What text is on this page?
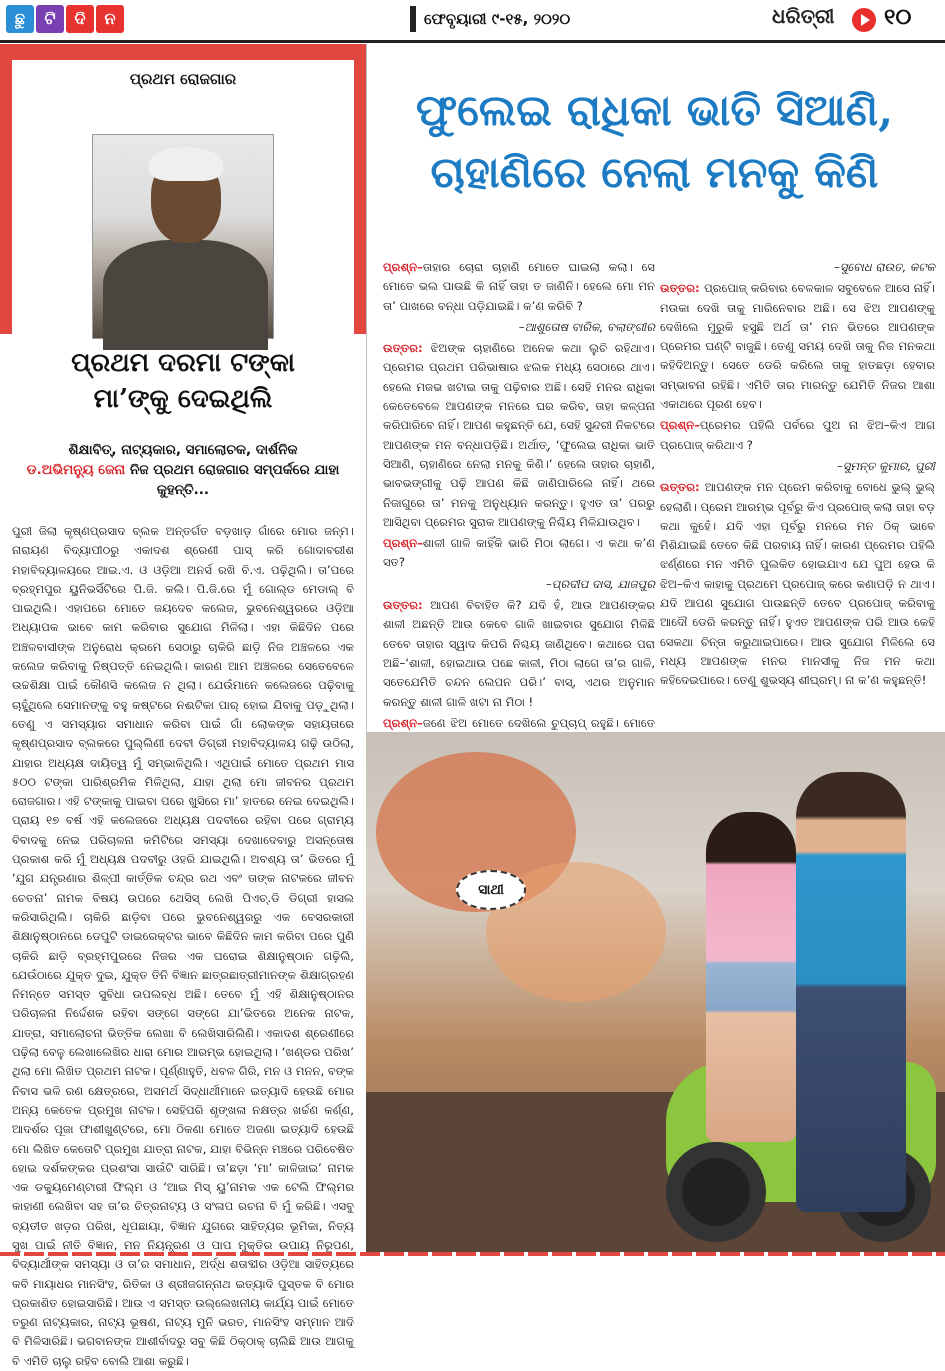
ଛୁ	ଟି	ଦି	ନ	ଫେବୃୟାରୀ ୯-୧୫, ୨୦୨୦	ଧରିତ୍ରୀ ୧୦
ପ୍ରଥମ ରୋଜଗାର
ପ୍ରଥମ ଦରମା ଟଙ୍କା
ମା’ଙ୍କୁ ଦେଇଥିଲି
ଶିକ୍ଷାବିତ୍, ନାଟ୍ୟକାର, ସମାଲୋଚକ, ଦାର୍ଶନିକ
ଡ.ଅଭିମନ୍ୟୁ ଜେନା ନିଜ ପ୍ରଥମ ରୋଜଗାର ସମ୍ପର୍କରେ ଯାହା କୁହନ୍ତି...
ପୁରୀ ଜିଲା କୃଷ୍ଣପ୍ରସାଦ ବ୍ଲକ ଅନ୍ତର୍ଗତ ବଡ଼ଖାଡ଼ ଗାଁରେ ମୋର ଜନ୍ମ। ନାରାୟଣ ବିଦ୍ୟାପୀଠରୁ ଏକାଦଶ ଶ୍ରେଣୀ ପାସ୍ କରି ଗୋଦାବରୀଶ ମହାବିଦ୍ୟାଳୟରେ ଆଇ.ଏ. ଓ ଓଡ଼ିଆ ଅନର୍ସ ରଖି ବି.ଏ. ପଢ଼ିଥିଲି। ତା’ପରେ ବ୍ରହ୍ମପୁର ୟୁନିଭର୍ସିଟିରେ ପି.ଜି. କଲି। ପି.ଜି.ରେ ମୁଁ ଗୋଲ୍ଡ ମେଡାଲ୍ ବି ପାଇଥିଲି। ଏହାପରେ ମୋତେ ଜୟଦେବ କଲେଜ, ଭୁବନେଶ୍ୱରରେ ଓଡ଼ିଆ ଅଧ୍ୟାପକ ଭାବେ କାମ କରିବାର ସୁଯୋଗ ମିଳିଲା। ଏହା କିଛିଦିନ ପରେ ଅଞ୍ଚଳବାସୀଙ୍କ ଅନୁରୋଧ କ୍ରମେ ସେଠାରୁ ଚାକିରି ଛାଡ଼ି ନିଜ ଅଞ୍ଚଳରେ ଏକ କଲେଜ କରିବାକୁ ନିଷ୍ପତ୍ତି ନେଇଥିଲି। କାରଣ ଆମ ଅଞ୍ଚଳରେ ସେତେବେଳେ ଉଚ୍ଚଶିକ୍ଷା ପାଇଁ କୌଣସି କଲେଜ ନ ଥିଲା। ଯେଉଁମାନେ କଲେଜରେ ପଢ଼ିବାକୁ ଚାହୁଁଥିଲେ ସେମାନଙ୍କୁ ବହୁ କଷ୍ଟରେ ନଈଟିକା ପାର୍ ହୋଇ ଯିବାକୁ ପଡ଼ୁଥିଲା। ତେଣୁ ଏ ସମସ୍ୟାର ସମାଧାନ କରିବା ପାଇଁ ଗାଁ ଲୋକଙ୍କ ସହାୟତାରେ କୃଷ୍ଣପ୍ରସାଦ ବ୍ଲକରେ ପୁଲ୍ଲିଣୀ ଦେବୀ ଡିଗ୍ରୀ ମହାବିଦ୍ୟାଳୟ ଗଢ଼ି ଉଠିଲା, ଯାହାର ଅଧ୍ୟକ୍ଷ ଦାୟିତ୍ୱ ମୁଁ ସମ୍ଭାଳିଥିଲି। ଏଥିପାଇଁ ମୋତେ ପ୍ରଥମ ମାସ ୫୦୦ ଟଙ୍କା ପାରିଶ୍ରମିକ ମିଳିଥିଲା, ଯାହା ଥିଲା ମୋ ଜୀବନର ପ୍ରଥମ ରୋଜଗାର। ଏହି ଟଙ୍କାକୁ ପାଇବା ପରେ ଖୁସିରେ ମା’ ହାତରେ ନେଇ ଦେଇଥିଲି। ପ୍ରାୟ ୧୭ ବର୍ଷ ଏହି କଲେଜରେ ଅଧ୍ୟକ୍ଷ ପଦବୀରେ ରହିବା ପରେ ଗ୍ରାମ୍ୟ ବିବାଦକୁ ନେଇ ପରିଚାଳନା କମିଟିରେ ସମସ୍ୟା ଦେଖାଦେବାରୁ ଅସନ୍ତୋଷ ପ୍ରକାଶ କରି ମୁଁ ଅଧ୍ୟକ୍ଷ ପଦବୀରୁ ଓହରି ଯାଇଥିଲି। ଅବଶ୍ୟ ତା’ ଭିତରେ ମୁଁ ‘ଯୁଗ ଯନ୍ତ୍ରଣାର ଶିଳ୍ପୀ କାର୍ତ୍ତିକ ଚନ୍ଦ୍ର ରଥ ଏବଂ ତାଙ୍କ ନାଟକରେ ଜୀବନ ଚେତନା’ ନାମକ ବିଷୟ ଉପରେ ଥେସିସ୍ ଲେଖି ପିଏଚ୍.ଡି ଡିଗ୍ରୀ ହାସଲ କରିସାରିଥିଲି। ଚାକିରି ଛାଡ଼ିବା ପରେ ଭୁବନେଶ୍ୱରରୁ ଏକ ବେସରକାରୀ ଶିକ୍ଷାନୁଷ୍ଠାନରେ ଡେପୁଟି ଡାଇରେକ୍ଟର ଭାବେ କିଛିଦିନ କାମ କରିବା ପରେ ପୁଣି ଚାକିରି ଛାଡ଼ି ବ୍ରହ୍ମପୁରରେ ନିଜର ଏକ ଘରୋଇ ଶିକ୍ଷାନୁଷ୍ଠାନ ଗଢ଼ିଲି, ଯେଉଁଠାରେ ଯୁକ୍ତ ଦୁଇ, ଯୁକ୍ତ ତିନି ବିଜ୍ଞାନ ଛାତ୍ରଛାତ୍ରୀମାନଙ୍କ ଶିକ୍ଷାଗ୍ରହଣ ନିମନ୍ତେ ସମସ୍ତ ସୁବିଧା ଉପଲବ୍ଧ ଅଛି। ତେବେ ମୁଁ ଏହି ଶିକ୍ଷାନୁଷ୍ଠାନର ପରିଚାଳନା ନିର୍ଦ୍ଦେଶକ ରହିବା ସଙ୍ଗେ ସଙ୍ଗେ ଯା’ଭିତରେ ଅନେକ ନାଟକ, ଯାତ୍ରା, ସମାଲୋଚନା ଭିତ୍ତିକ ଲେଖା ବି ଲେଖିସାରିଲିଣି। ଏକାଦଶ ଶ୍ରେଣୀରେ ପଢ଼ିଲା ବେଳୁ ଲେଖାଲେଖିର ଧାରା ମୋର ଆରମ୍ଭ ହୋଇଥିଲା। ‘ଖଣ୍ଡର ପରିଖ’ ଥିଲା ମୋ ଲିଖିତ ପ୍ରଥମ ନାଟକ। ପୂର୍ଣ୍ଣାହୁତି, ଧବଳ ଗିରି, ମନ ଓ ମନନ, ବଙ୍କ ନିବାସ ଭଳି ରଣ କ୍ଷେତ୍ରରେ, ଅସମର୍ଥ ସିଦ୍ଧାର୍ଥୀମାନେ ଇତ୍ୟାଦି ହେଉଛି ମୋର ଅନ୍ୟ କେତେକ ପ୍ରମୁଖ ନାଟକ। ସେହିପରି ଶୃଙ୍ଖଳା ନକ୍ଷତ୍ର ଖର୍ଚ୍ଚଣ କର୍ଣ୍ଣ, ଆଦର୍ଶର ପୂଜା ଫାଶୀଖୁଣ୍ଟରେ, ମୋ ଠିକଣା ମୋତେ ଅଜଣା ଇତ୍ୟାଦି ହେଉଛି ମୋ ଲିଖିତ କେତୋଟି ପ୍ରମୁଖ ଯାତ୍ରା ନାଟକ, ଯାହା ବିଭିନ୍ନ ମଞ୍ଚରେ ପରିବେଷିତ ହୋଇ ଦର୍ଶକଙ୍କର ପ୍ରଶଂସା ସାଉଁଟି ସାରିଛି। ତା’ଛଡ଼ା ‘ମା’ କାଳିଜାଇ’ ନାମକ ଏକ ଡକ୍ୟୁମେଣ୍ଟାରୀ ଫିଲ୍ମ ଓ ‘ଆଇ ମିସ୍ ୟୁ’ନାମକ ଏକ ଟେଲି ଫିଲ୍ମର କାହାଣୀ ଲେଖିବା ସହ ତା’ର ଚିତ୍ରନାଟ୍ୟ ଓ ସଂଳାପ ରଚନା ବି ମୁଁ କରିଛି। ଏସବୁ ବ୍ୟତୀତ ଖଡ଼ର ପରିଖ, ଧୂପଛାୟା, ବିଜ୍ଞାନ ଯୁଗରେ ସାହିତ୍ୟର ଭୂମିକା, ନିତ୍ୟ ସୁଖ ପାଇଁ ନୀତି ବିଜ୍ଞାନ, ମନ ନିୟନ୍ତ୍ରଣ ଓ ପାପ ମୁକ୍ତିର ଉପାୟ ନିରୂପଣ, ବିଦ୍ୟାର୍ଥୀଙ୍କ ସମସ୍ୟା ଓ ତା’ର ସମାଧାନ, ଅର୍ଦ୍ଧ ଶତାବ୍ଦୀର ଓଡ଼ିଆ ସାହିତ୍ୟରେ କବି ମାୟାଧର ମାନସିଂହ, ରିତିକା ଓ ଶ୍ରୀଜଗନ୍ନାଥ ଇତ୍ୟାଦି ପୁସ୍ତକ ବି ମୋର ପ୍ରକାଶିତ ହୋଇସାରିଛି। ଆଉ ଏ ସମସ୍ତ ଉଲ୍ଲେଖନୀୟ କାର୍ଯ୍ୟ ପାଇଁ ମୋତେ ତରୁଣ ନାଟ୍ୟକାର, ନାଟ୍ୟ ଭୂଷଣ, ନାଟ୍ୟ ମୁନି ଭରତ, ମାନସିଂହ ସମ୍ମାନ ଆଦି ବି ମିଳିସାରିଛି। ଭଗବାନଙ୍କ ଆଶୀର୍ବାଦରୁ ସବୁ କିଛି ଠିକ୍‌ଠାକ୍ ଚାଲିଛି ଆଉ ଆଗକୁ ବି ଏମିତି ଚାଲୁ ରହିବ ବୋଲି ଆଶା କରୁଛି।
ଫୁଲେଇ ରାଧିକା ଭାତି ସିଆଣି,
ଚାହାଣିରେ ନେଲା ମନକୁ କିଣି

ପ୍ରଶ୍ନ–ତାହାର ଚୋରା ଚାହାଣି ମୋତେ ଘାଇଲା କଲା। ସେ ମୋତେ ଭଲ ପାଉଛି କି ନାହିଁ ତାହା ତ ଜାଣିନି। ହେଲେ ମୋ ମନ ତା’ ପାଖରେ ବନ୍ଧା ପଡ଼ିଯାଇଛି। କ’ଣ କରିବି ?

–ଆଶୁତୋଷ ବାରିକ, ବଲାଙ୍ଗୀର

ଉତ୍ତର: ଝିଅଙ୍କ ଚାହାଣିରେ ଅନେକ କଥା ଲୁଚି ରହିଥାଏ। ପ୍ରେମର ପ୍ରଥମ ପରିଭାଷାର ଝଲକ ମଧ୍ୟ ସେଠାରେ ଥାଏ। ହେଲେ ମଜଭ ଖଟାଇ ତାକୁ ପଢ଼ିବାର ଅଛି। ସେହି ମନର ରାଧିକା କେତେବେଳେ ଆପଣଙ୍କ ମନରେ ଘର କରିବ, ତାହା କଳ୍ପନା କରିପାରିବେ ନାହିଁ। ଆପଣ କହୁଛନ୍ତି ଯେ, ସେହି ସୁନ୍ଦରୀ ନିକଟରେ ଆପଣଙ୍କ ମନ ବନ୍ଧାପଡ଼ିଛି। ଅର୍ଥାତ୍, ‘ଫୁଲେଇ ରାଧିକା ଭାତି ସିଆଣି, ଚାହାଣିରେ ନେଲା ମନକୁ କିଣି।’ ହେଲେ ତାହାର ଚାହାଣି, ଭାବଭଙ୍ଗୀକୁ ପଢ଼ି ଆପଣ କିଛି ଜାଣିପାରିଲେ ନାହିଁ। ଥରେ ନିଜାଗୁରେ ତା’ ମନକୁ ଅନୁଧ୍ୟାନ କରନ୍ତୁ। ହୁଏତ ତା’ ପରରୁ ଆସିଥିବା ପ୍ରେମର ସୁରାକ ଆପଣଙ୍କୁ ନିଶ୍ଚିୟ ମିଳିଯାଉଥିବ।

ପ୍ରଶ୍ନ–ଶାଳୀ ଗାଳି କାହିଁକି ଭାରି ମିଠା ଲାଗେ। ଏ କଥା କ’ଣ ସତ?

–ପ୍ରଦୀପ ଦାସ, ଯାଜପୁର

ଉତ୍ତର: ଆପଣ ବିବାହିତ କି? ଯଦି ହଁ, ଆଉ ଆପଣଙ୍କର ଶାଳୀ ଅଛନ୍ତି ଆଉ କେବେ ଗାଳି ଖାଇବାର ସୁଯୋଗ ମିଳିଛି ତେବେ ତାହାର ସ୍ୱାଦ କିପରି ନିଶ୍ଚୟ ଜାଣିଥିବେ। କଥାରେ ପରା ଅଛି–‘ଶାଳୀ, ହୋଇଥାଉ ପଛେ କାଳୀ, ମିଠା ଲାଗେ ତା’ର ଗାଳି, ସତେଯେମିତି ଚନ୍ଦନ ଲେପନ ପରି।’ ବାସ୍, ଏଥର ଅନୁମାନ କରନ୍ତୁ ଶାଳୀ ଗାଳି ଖଟା ନା ମିଠା !

ପ୍ରଶ୍ନ–ଜଣେ ଝିଅ ମୋତେ ଦେଖିଲେ ଚୁପ୍‌ଚାପ୍ ରହୁଛି। ମୋତେ

–ସୁବୋଧ ରାଉତ, କଟକ

ଉତ୍ତର: ପ୍ରପୋଜ୍ କରିବାର ବେଳକାଳ ସବୁବେଳେ ଆସେ ନାହିଁ। ମଉକା ଦେଖି ତାକୁ ମାରିନେବାର ଅଛି। ସେ ଝିଅ ଆପଣଙ୍କୁ ଦେଖିଲେ ମୁରୁକି ହସୁଛି ଅର୍ଥ ତା’ ମନ ଭିତରେ ଆପଣଙ୍କ ପ୍ରେମର ଘଣ୍ଟି ବାଜୁଛି। ତେଣୁ ସମୟ ଦେଖି ତାକୁ ନିଜ ମନକଥା କହିଦିଅନ୍ତୁ। ସେତେ ଡେରି କରିଲେ ତାକୁ ହାତଛଡ଼ା ହେବାର ସମ୍ଭାବନା ରହିଛି। ଏମିତି ତାର ମାରନ୍ତୁ ଯେମିତି ନିଜର ଆଶା ଏକାଥରେ ପୂରଣ ହେବ।

ପ୍ରଶ୍ନ–ପ୍ରେମର ପହିଲି ପର୍ବରେ ପୁଅ ନା ଝିଅ–କିଏ ଆଗ ପ୍ରପୋଜ୍ କରିଥାଏ ?

–ସୁମନ୍ତ କୁମାର, ପୁରୀ

ଉତ୍ତର: ଆପଣଙ୍କ ମନ ପ୍ରେମ କରିବାକୁ ବୋଧେ ଭୁଲ୍ ଭୁଲ୍ ହେଲାଣି। ପ୍ରେମ ଆରମ୍ଭ ପୂର୍ବରୁ କିଏ ପ୍ରପୋଜ୍ କଲା ତାହା ବଡ଼ କଥା କୁହେଁ। ଯଦି ଏହା ପୂର୍ବରୁ ମନରେ ମନ ଠିକ୍ ଭାବେ ମିଶିଯାଇଛି ତେବେ କିଛି ପରବାୟ ନାହିଁ। କାରଣ ପ୍ରେମର ପହିଲି ଝର୍ଣ୍ଣରେ ମନ ଏମିତି ପୁଲକିତ ହୋଇଯାଏ ଯେ ପୁଅ ହେଉ କି ଝିଅ–କିଏ କାହାକୁ ପ୍ରଥମେ ପ୍ରପୋଜ୍ କରେ କଣାପଡ଼ି ନ ଥାଏ। ଯଦି ଆପଣ ସୁଯୋଗ ପାଉଛନ୍ତି ତେବେ ପ୍ରପୋଜ୍ କରିବାକୁ ଆଦୌ ଡେରି କରନ୍ତୁ ନାହିଁ। ହୁଏତ ଆପଣଙ୍କ ପରି ଆଉ କେହି ସେକଥା ଚିନ୍ତା କରୁଥାଇପାରେ। ଆଉ ସୁଯୋଗ ମିଳିଲେ ସେ ମଧ୍ୟ ଆପଣଙ୍କ ମନର ମାନସୀକୁ ନିଜ ମନ କଥା କହିଦେଇପାରେ। ତେଣୁ ଶୁଭସ୍ୟ ଶୀଘ୍ରମ୍। ନା କ’ଣ କହୁଛନ୍ତି!

ସାଥୀ
